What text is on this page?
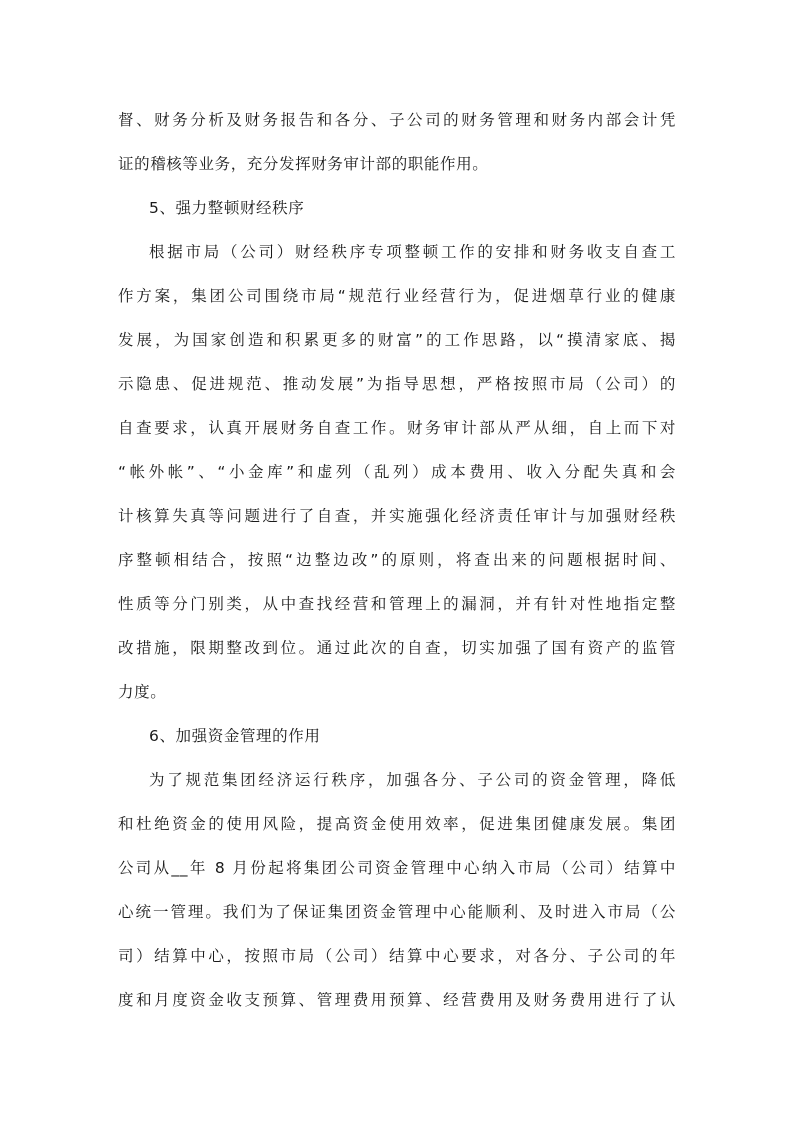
督、财务分析及财务报告和各分、子公司的财务管理和财务内部会计凭
证的稽核等业务，充分发挥财务审计部的职能作用。
5、强力整顿财经秩序
根据市局（公司）财经秩序专项整顿工作的安排和财务收支自查工
作方案，集团公司围绕市局“规范行业经营行为，促进烟草行业的健康
发展，为国家创造和积累更多的财富”的工作思路，以“摸清家底、揭
示隐患、促进规范、推动发展”为指导思想，严格按照市局（公司）的
自查要求，认真开展财务自查工作。财务审计部从严从细，自上而下对
“帐外帐”、“小金库”和虚列（乱列）成本费用、收入分配失真和会
计核算失真等问题进行了自查，并实施强化经济责任审计与加强财经秩
序整顿相结合，按照“边整边改”的原则，将查出来的问题根据时间、
性质等分门别类，从中查找经营和管理上的漏洞，并有针对性地指定整
改措施，限期整改到位。通过此次的自查，切实加强了国有资产的监管
力度。
6、加强资金管理的作用
为了规范集团经济运行秩序，加强各分、子公司的资金管理，降低
和杜绝资金的使用风险，提高资金使用效率，促进集团健康发展。集团
公司从__年 8 月份起将集团公司资金管理中心纳入市局（公司）结算中
心统一管理。我们为了保证集团资金管理中心能顺利、及时进入市局（公
司）结算中心，按照市局（公司）结算中心要求，对各分、子公司的年
度和月度资金收支预算、管理费用预算、经营费用及财务费用进行了认
